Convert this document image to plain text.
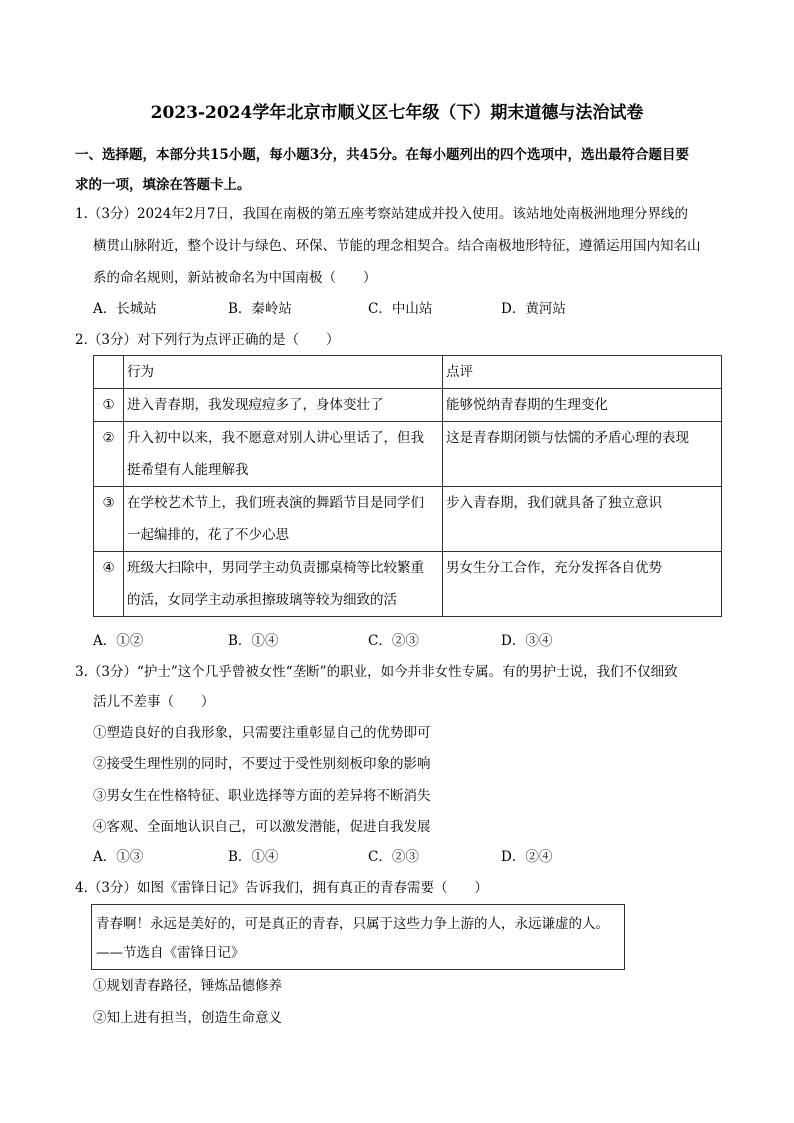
2023-2024学年北京市顺义区七年级（下）期末道德与法治试卷
一、选择题，本部分共15小题，每小题3分，共45分。在每小题列出的四个选项中，选出最符合题目要
求的一项，填涂在答题卡上。
1.（3分）2024年2月7日，我国在南极的第五座考察站建成并投入使用。该站地处南极洲地理分界线的
横贯山脉附近，整个设计与绿色、环保、节能的理念相契合。结合南极地形特征，遵循运用国内知名山
系的命名规则，新站被命名为中国南极（　　）
A．长城站	B．秦岭站	C．中山站	D．黄河站
2.（3分）对下列行为点评正确的是（　　）
	行为	点评
①	进入青春期，我发现痘痘多了，身体变壮了	能够悦纳青春期的生理变化
②	升入初中以来，我不愿意对别人讲心里话了，但我
挺希望有人能理解我	这是青春期闭锁与怯懦的矛盾心理的表现
③	在学校艺术节上，我们班表演的舞蹈节目是同学们
一起编排的，花了不少心思	步入青春期，我们就具备了独立意识
④	班级大扫除中，男同学主动负责挪桌椅等比较繁重
的活，女同学主动承担擦玻璃等较为细致的活	男女生分工合作，充分发挥各自优势
A．①②	B．①④	C．②③	D．③④
3.（3分）“护士”这个几乎曾被女性“垄断”的职业，如今并非女性专属。有的男护士说，我们不仅细致
活儿不差事（　　）
①塑造良好的自我形象，只需要注重彰显自己的优势即可
②接受生理性别的同时，不要过于受性别刻板印象的影响
③男女生在性格特征、职业选择等方面的差异将不断消失
④客观、全面地认识自己，可以激发潜能，促进自我发展
A．①③	B．①④	C．②③	D．②④
4.（3分）如图《雷锋日记》告诉我们，拥有真正的青春需要（　　）
青春啊！永远是美好的，可是真正的青春，只属于这些力争上游的人，永远谦虚的人。
——节选自《雷锋日记》
①规划青春路径，锤炼品德修养
②知上进有担当，创造生命意义
